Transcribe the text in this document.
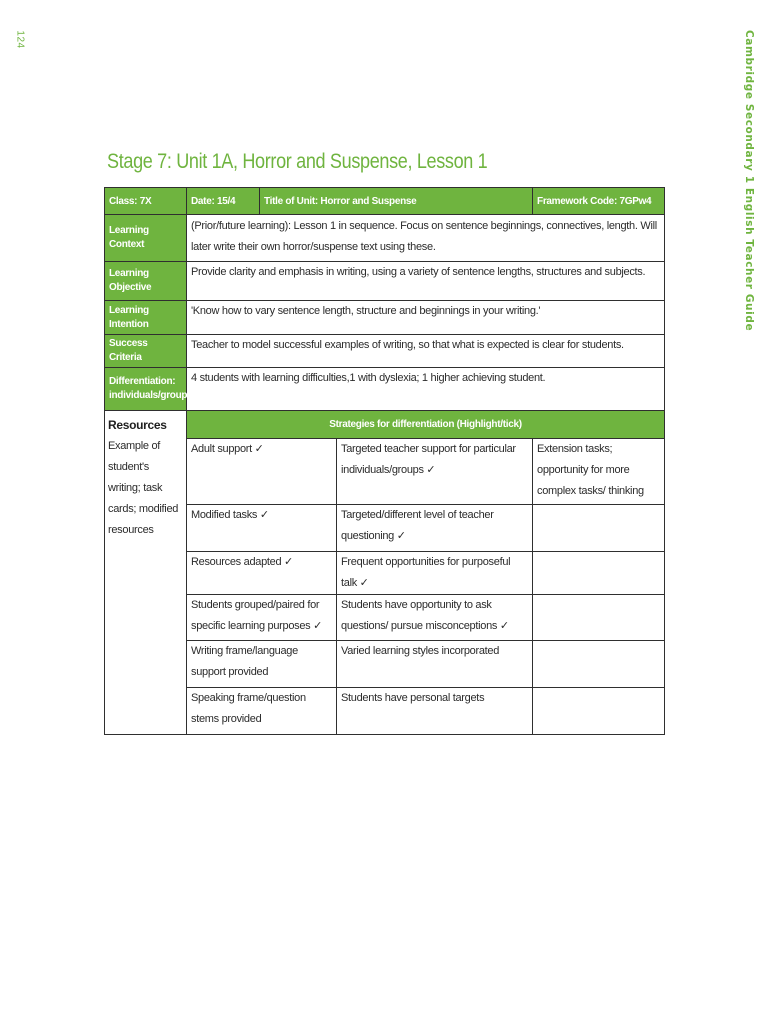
124	Cambridge Secondary 1 English Teacher Guide
Stage 7: Unit 1A, Horror and Suspense, Lesson 1
Class: 7X	Date: 15/4	Title of Unit: Horror and Suspense		Framework Code: 7GPw4
Learning Context	(Prior/future learning): Lesson 1 in sequence. Focus on sentence beginnings, connectives, length. Will later write their own horror/suspense text using these.			
Learning Objective	Provide clarity and emphasis in writing, using a variety of sentence lengths, structures and subjects.			
Learning Intention	'Know how to vary sentence length, structure and beginnings in your writing.'			
Success Criteria	Teacher to model successful examples of writing, so that what is expected is clear for students.			
Differentiation: individuals/groups	4 students with learning difficulties,1 with dyslexia; 1 higher achieving student.			

Resources
Example of student's writing; task cards; modified resources	Strategies for differentiation (Highlight/tick)			
	Adult support ✓		Targeted teacher support for particular individuals/groups ✓	Extension tasks; opportunity for more complex tasks/ thinking
	Modified tasks ✓		Targeted/different level of teacher questioning ✓	
	Resources adapted ✓		Frequent opportunities for purposeful talk ✓	
	Students grouped/paired for specific learning purposes ✓		Students have opportunity to ask questions/ pursue misconceptions ✓	
	Writing frame/language support provided		Varied learning styles incorporated	
	Speaking frame/question stems provided		Students have personal targets	
